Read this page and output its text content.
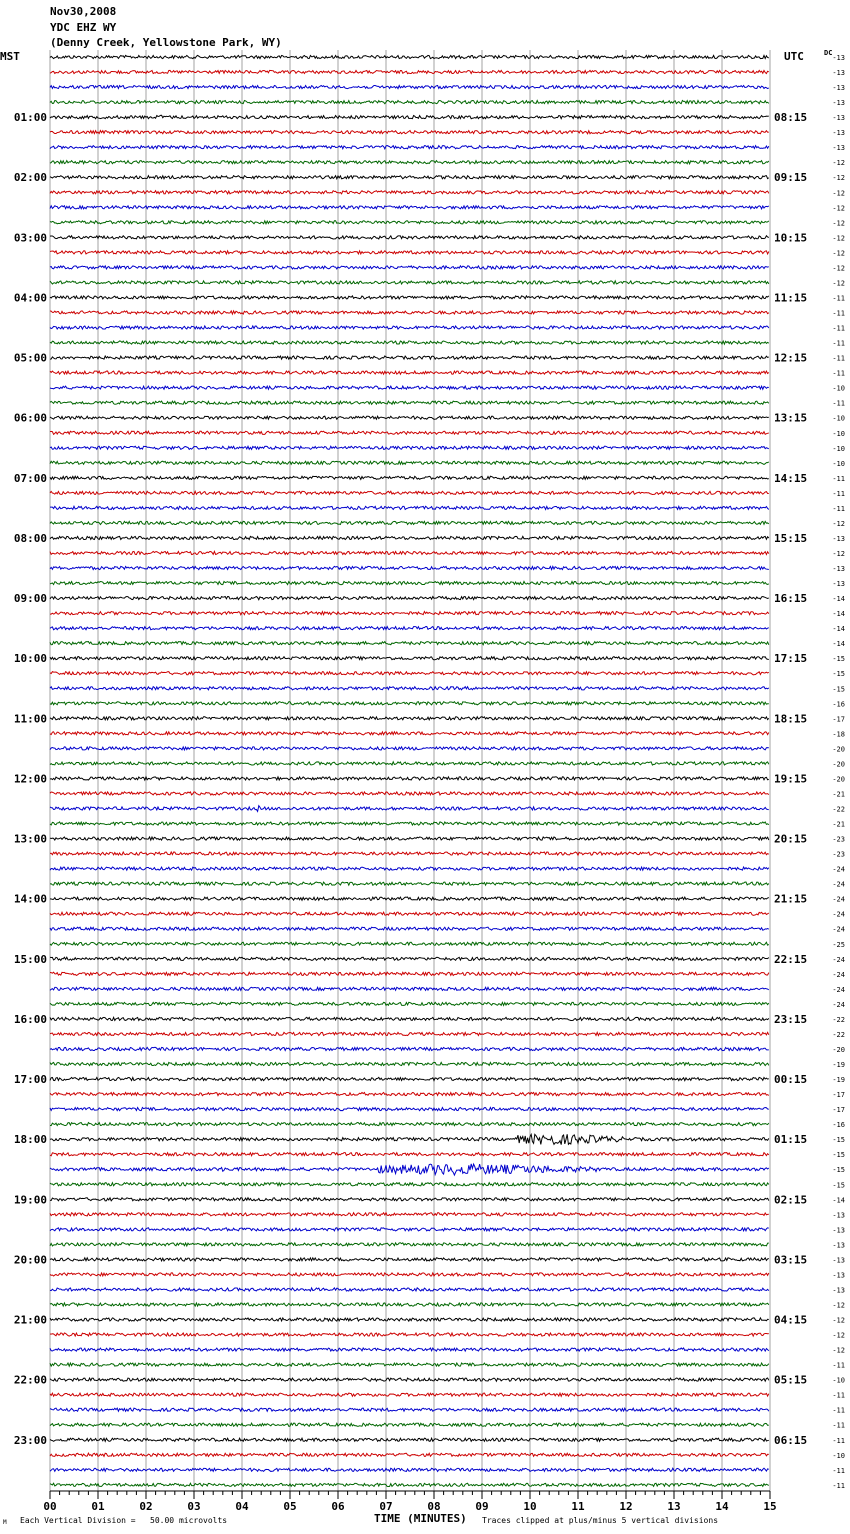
00	01	02	03	04	05	06	07	08	09	10	11	12	13	14	15
01:00
02:00
03:00
04:00
05:00
06:00
07:00
08:00
09:00
10:00
11:00
12:00
13:00
14:00
15:00
16:00
17:00
18:00
19:00
20:00
21:00
22:00
23:00
08:15
09:15
10:15
11:15
12:15
13:15
14:15
15:15
16:15
17:15
18:15
19:15
20:15
21:15
22:15
23:15
00:15
01:15
02:15
03:15
04:15
05:15
06:15
-13
-13
-13
-13
-13
-13
-13
-12
-12
-12
-12
-12
-12
-12
-12
-12
-11
-11
-11
-11
-11
-11
-10
-11
-10
-10
-10
-10
-11
-11
-11
-12
-13
-12
-13
-13
-14
-14
-14
-14
-15
-15
-15
-16
-17
-18
-20
-20
-20
-21
-22
-21
-23
-23
-24
-24
-24
-24
-24
-25
-24
-24
-24
-24
-22
-22
-20
-19
-19
-17
-17
-16
-15
-15
-15
-15
-14
-13
-13
-13
-13
-13
-13
-12
-12
-12
-12
-11
-10
-11
-11
-11
-11
-10
-11
-11
Nov30,2008
YDC EHZ WY
(Denny Creek, Yellowstone Park, WY)
MST	UTC	DC
TIME (MINUTES)
M Each Vertical Division =   50.00 microvolts	Traces clipped at plus/minus 5 vertical divisions
